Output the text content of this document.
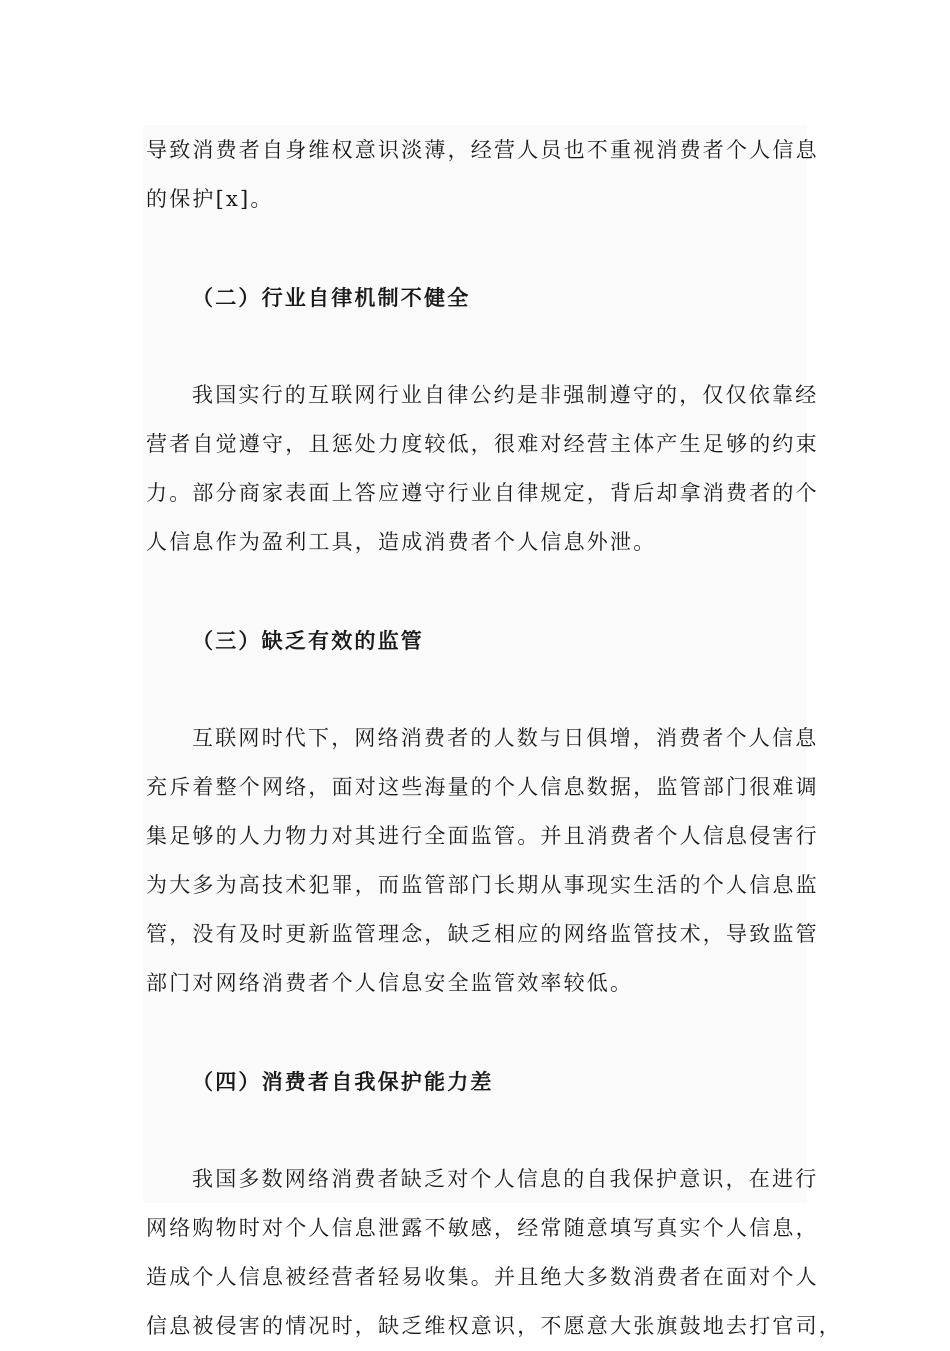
导致消费者自身维权意识淡薄，经营人员也不重视消费者个人信息
的保护[x]。
（二）行业自律机制不健全
我国实行的互联网行业自律公约是非强制遵守的，仅仅依靠经
营者自觉遵守，且惩处力度较低，很难对经营主体产生足够的约束
力。部分商家表面上答应遵守行业自律规定，背后却拿消费者的个
人信息作为盈利工具，造成消费者个人信息外泄。
（三）缺乏有效的监管
互联网时代下，网络消费者的人数与日俱增，消费者个人信息
充斥着整个网络，面对这些海量的个人信息数据，监管部门很难调
集足够的人力物力对其进行全面监管。并且消费者个人信息侵害行
为大多为高技术犯罪，而监管部门长期从事现实生活的个人信息监
管，没有及时更新监管理念，缺乏相应的网络监管技术，导致监管
部门对网络消费者个人信息安全监管效率较低。
（四）消费者自我保护能力差
我国多数网络消费者缺乏对个人信息的自我保护意识，在进行
网络购物时对个人信息泄露不敏感，经常随意填写真实个人信息，
造成个人信息被经营者轻易收集。并且绝大多数消费者在面对个人
信息被侵害的情况时，缺乏维权意识，不愿意大张旗鼓地去打官司，
